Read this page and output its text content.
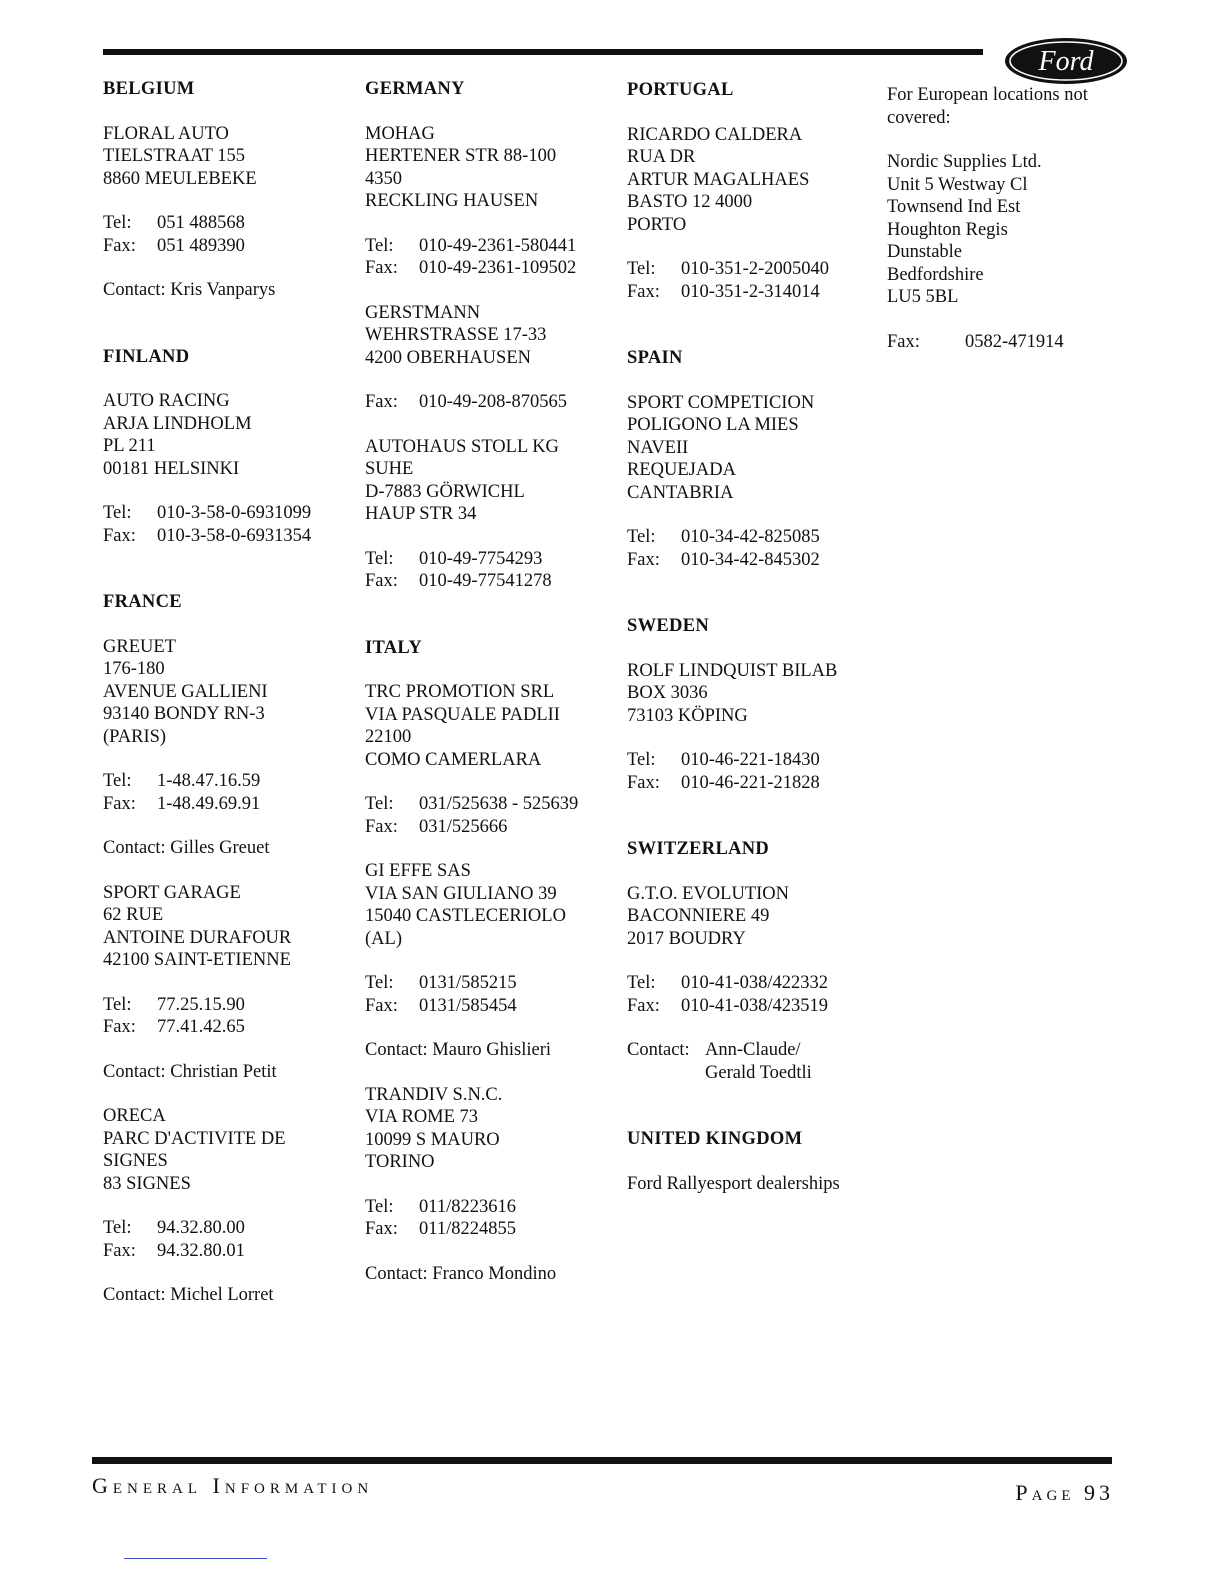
Ford

BELGIUM

FLORAL AUTO

TIELSTRAAT 155

8860 MEULEBEKE

Tel: 051 488568

Fax: 051 489390

Contact: Kris Vanparys

FINLAND

AUTO RACING

ARJA LINDHOLM

PL 211

00181 HELSINKI

Tel: 010-3-58-0-6931099

Fax: 010-3-58-0-6931354

FRANCE

GREUET

176-180

AVENUE GALLIENI

93140 BONDY RN-3

(PARIS)

Tel: 1-48.47.16.59

Fax: 1-48.49.69.91

Contact: Gilles Greuet

SPORT GARAGE

62 RUE

ANTOINE DURAFOUR

42100 SAINT-ETIENNE

Tel: 77.25.15.90

Fax: 77.41.42.65

Contact: Christian Petit

ORECA

PARC D'ACTIVITE DE

SIGNES

83 SIGNES

Tel: 94.32.80.00

Fax: 94.32.80.01

Contact: Michel Lorret

GERMANY

MOHAG

HERTENER STR 88-100

4350

RECKLING HAUSEN

Tel: 010-49-2361-580441

Fax: 010-49-2361-109502

GERSTMANN

WEHRSTRASSE 17-33

4200 OBERHAUSEN

Fax: 010-49-208-870565

AUTOHAUS STOLL KG

SUHE

D-7883 GÖRWICHL

HAUP STR 34

Tel: 010-49-7754293

Fax: 010-49-77541278

ITALY

TRC PROMOTION SRL

VIA PASQUALE PADLII

22100

COMO CAMERLARA

Tel: 031/525638 - 525639

Fax: 031/525666

GI EFFE SAS

VIA SAN GIULIANO 39

15040 CASTLECERIOLO

(AL)

Tel: 0131/585215

Fax: 0131/585454

Contact: Mauro Ghislieri

TRANDIV S.N.C.

VIA ROME 73

10099 S MAURO

TORINO

Tel: 011/8223616

Fax: 011/8224855

Contact: Franco Mondino

PORTUGAL

RICARDO CALDERA

RUA DR

ARTUR MAGALHAES

BASTO 12 4000

PORTO

Tel: 010-351-2-2005040

Fax: 010-351-2-314014

SPAIN

SPORT COMPETICION

POLIGONO LA MIES

NAVEII

REQUEJADA

CANTABRIA

Tel: 010-34-42-825085

Fax: 010-34-42-845302

SWEDEN

ROLF LINDQUIST BILAB

BOX 3036

73103 KÖPING

Tel: 010-46-221-18430

Fax: 010-46-221-21828

SWITZERLAND

G.T.O. EVOLUTION

BACONNIERE 49

2017 BOUDRY

Tel: 010-41-038/422332

Fax: 010-41-038/423519

Contact: Ann-Claude/

Gerald Toedtli

UNITED KINGDOM

Ford Rallyesport dealerships

For European locations not

covered:

Nordic Supplies Ltd.

Unit 5 Westway Cl

Townsend Ind Est

Houghton Regis

Dunstable

Bedfordshire

LU5 5BL

Fax: 0582-471914

General Information	Page 93
